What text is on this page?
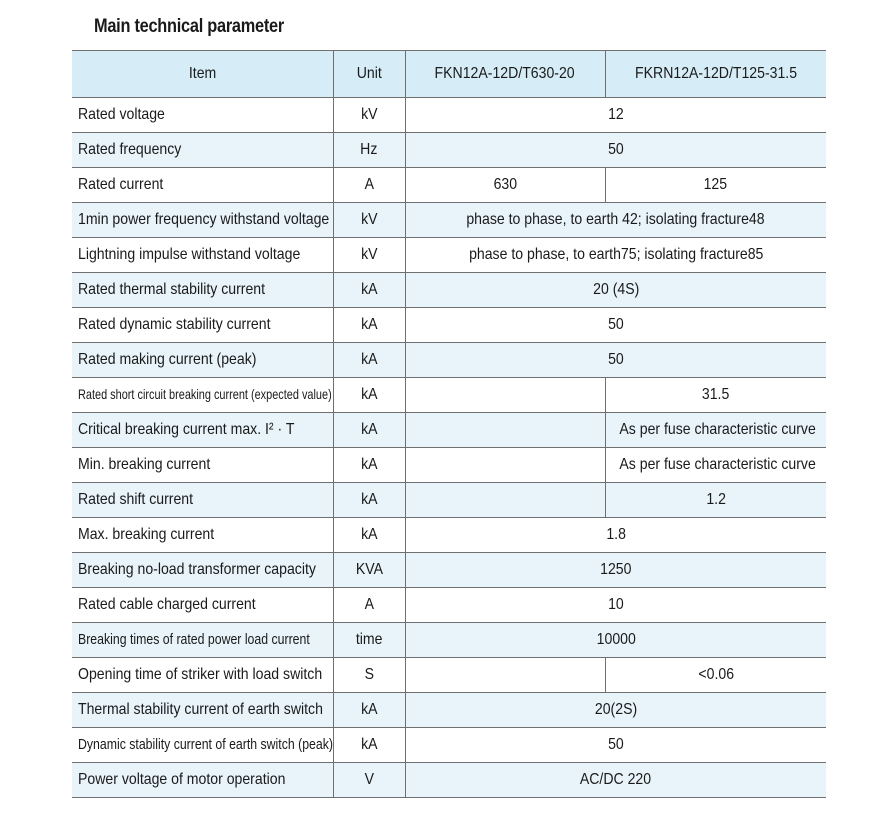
Main technical parameter
Item	Unit	FKN12A-12D/T630-20	FKRN12A-12D/T125-31.5
Rated voltage	kV	12	
Rated frequency	Hz	50	
Rated current	A	630	125
1min power frequency withstand voltage	kV	phase to phase, to earth 42; isolating fracture48	
Lightning impulse withstand voltage	kV	phase to phase, to earth75; isolating fracture85	
Rated thermal stability current	kA	20 (4S)	
Rated dynamic stability current	kA	50	
Rated making current (peak)	kA	50	
Rated short circuit breaking current (expected value)	kA		31.5
Critical breaking current max. I² · T	kA		As per fuse characteristic curve
Min. breaking current	kA		As per fuse characteristic curve
Rated shift current	kA		1.2
Max. breaking current	kA	1.8	
Breaking no-load transformer capacity	KVA	1250	
Rated cable charged current	A	10	
Breaking times of rated power load current	time	10000	
Opening time of striker with load switch	S		<0.06
Thermal stability current of earth switch	kA	20(2S)	
Dynamic stability current of earth switch (peak)	kA	50	
Power voltage of motor operation	V	AC/DC 220	
